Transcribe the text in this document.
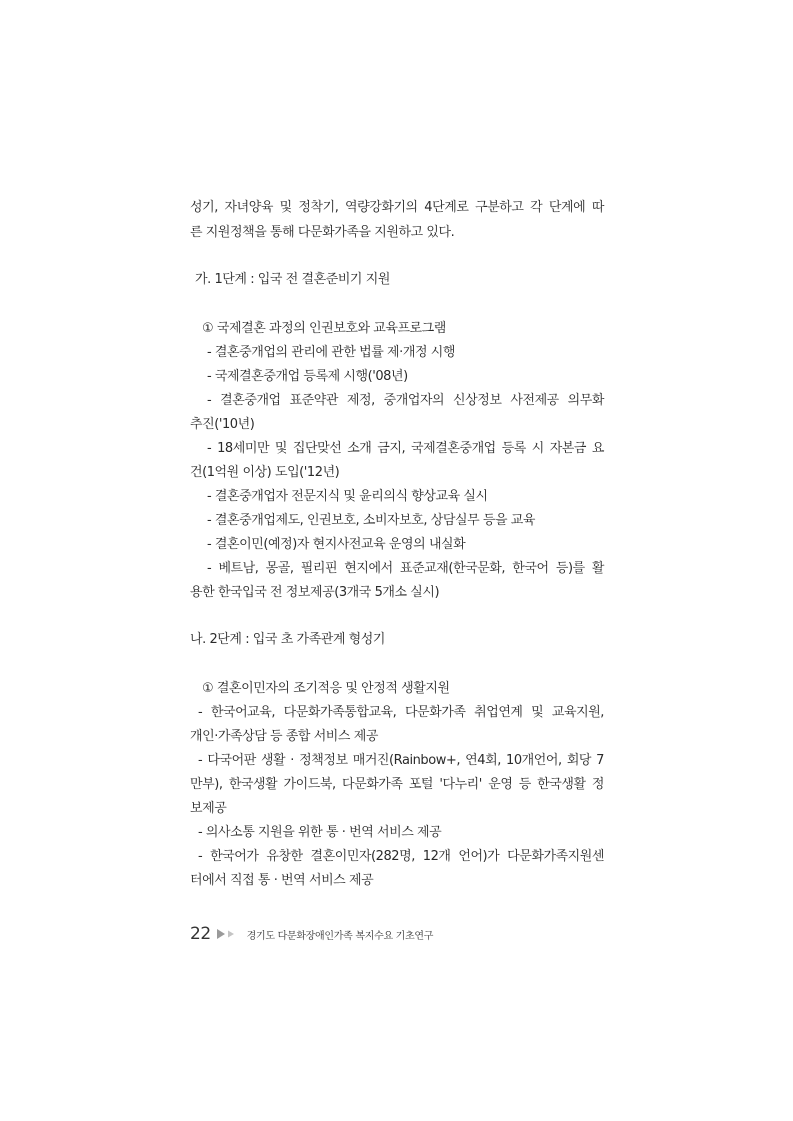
성기, 자녀양육 및 정착기, 역량강화기의 4단계로 구분하고 각 단계에 따
른 지원정책을 통해 다문화가족을 지원하고 있다.
가. 1단계 : 입국 전 결혼준비기 지원
① 국제결혼 과정의 인권보호와 교육프로그램
- 결혼중개업의 관리에 관한 법률 제·개정 시행
- 국제결혼중개업 등록제 시행('08년)
- 결혼중개업 표준약관 제정, 중개업자의 신상정보 사전제공 의무화
추진('10년)
- 18세미만 및 집단맞선 소개 금지, 국제결혼중개업 등록 시 자본금 요
건(1억원 이상) 도입('12년)
- 결혼중개업자 전문지식 및 윤리의식 향상교육 실시
- 결혼중개업제도, 인권보호, 소비자보호, 상담실무 등을 교육
- 결혼이민(예정)자 현지사전교육 운영의 내실화
- 베트남, 몽골, 필리핀 현지에서 표준교재(한국문화, 한국어 등)를 활
용한 한국입국 전 정보제공(3개국 5개소 실시)
나. 2단계 : 입국 초 가족관계 형성기
① 결혼이민자의 조기적응 및 안정적 생활지원
- 한국어교육, 다문화가족통합교육, 다문화가족 취업연계 및 교육지원,
개인·가족상담 등 종합 서비스 제공
- 다국어판 생활 · 정책정보 매거진(Rainbow+, 연4회, 10개언어, 회당 7
만부), 한국생활 가이드북, 다문화가족 포털 '다누리' 운영 등 한국생활 정
보제공
- 의사소통 지원을 위한 통 · 번역 서비스 제공
- 한국어가 유창한 결혼이민자(282명, 12개 언어)가 다문화가족지원센
터에서 직접 통 · 번역 서비스 제공
22	경기도 다문화장애인가족 복지수요 기초연구
